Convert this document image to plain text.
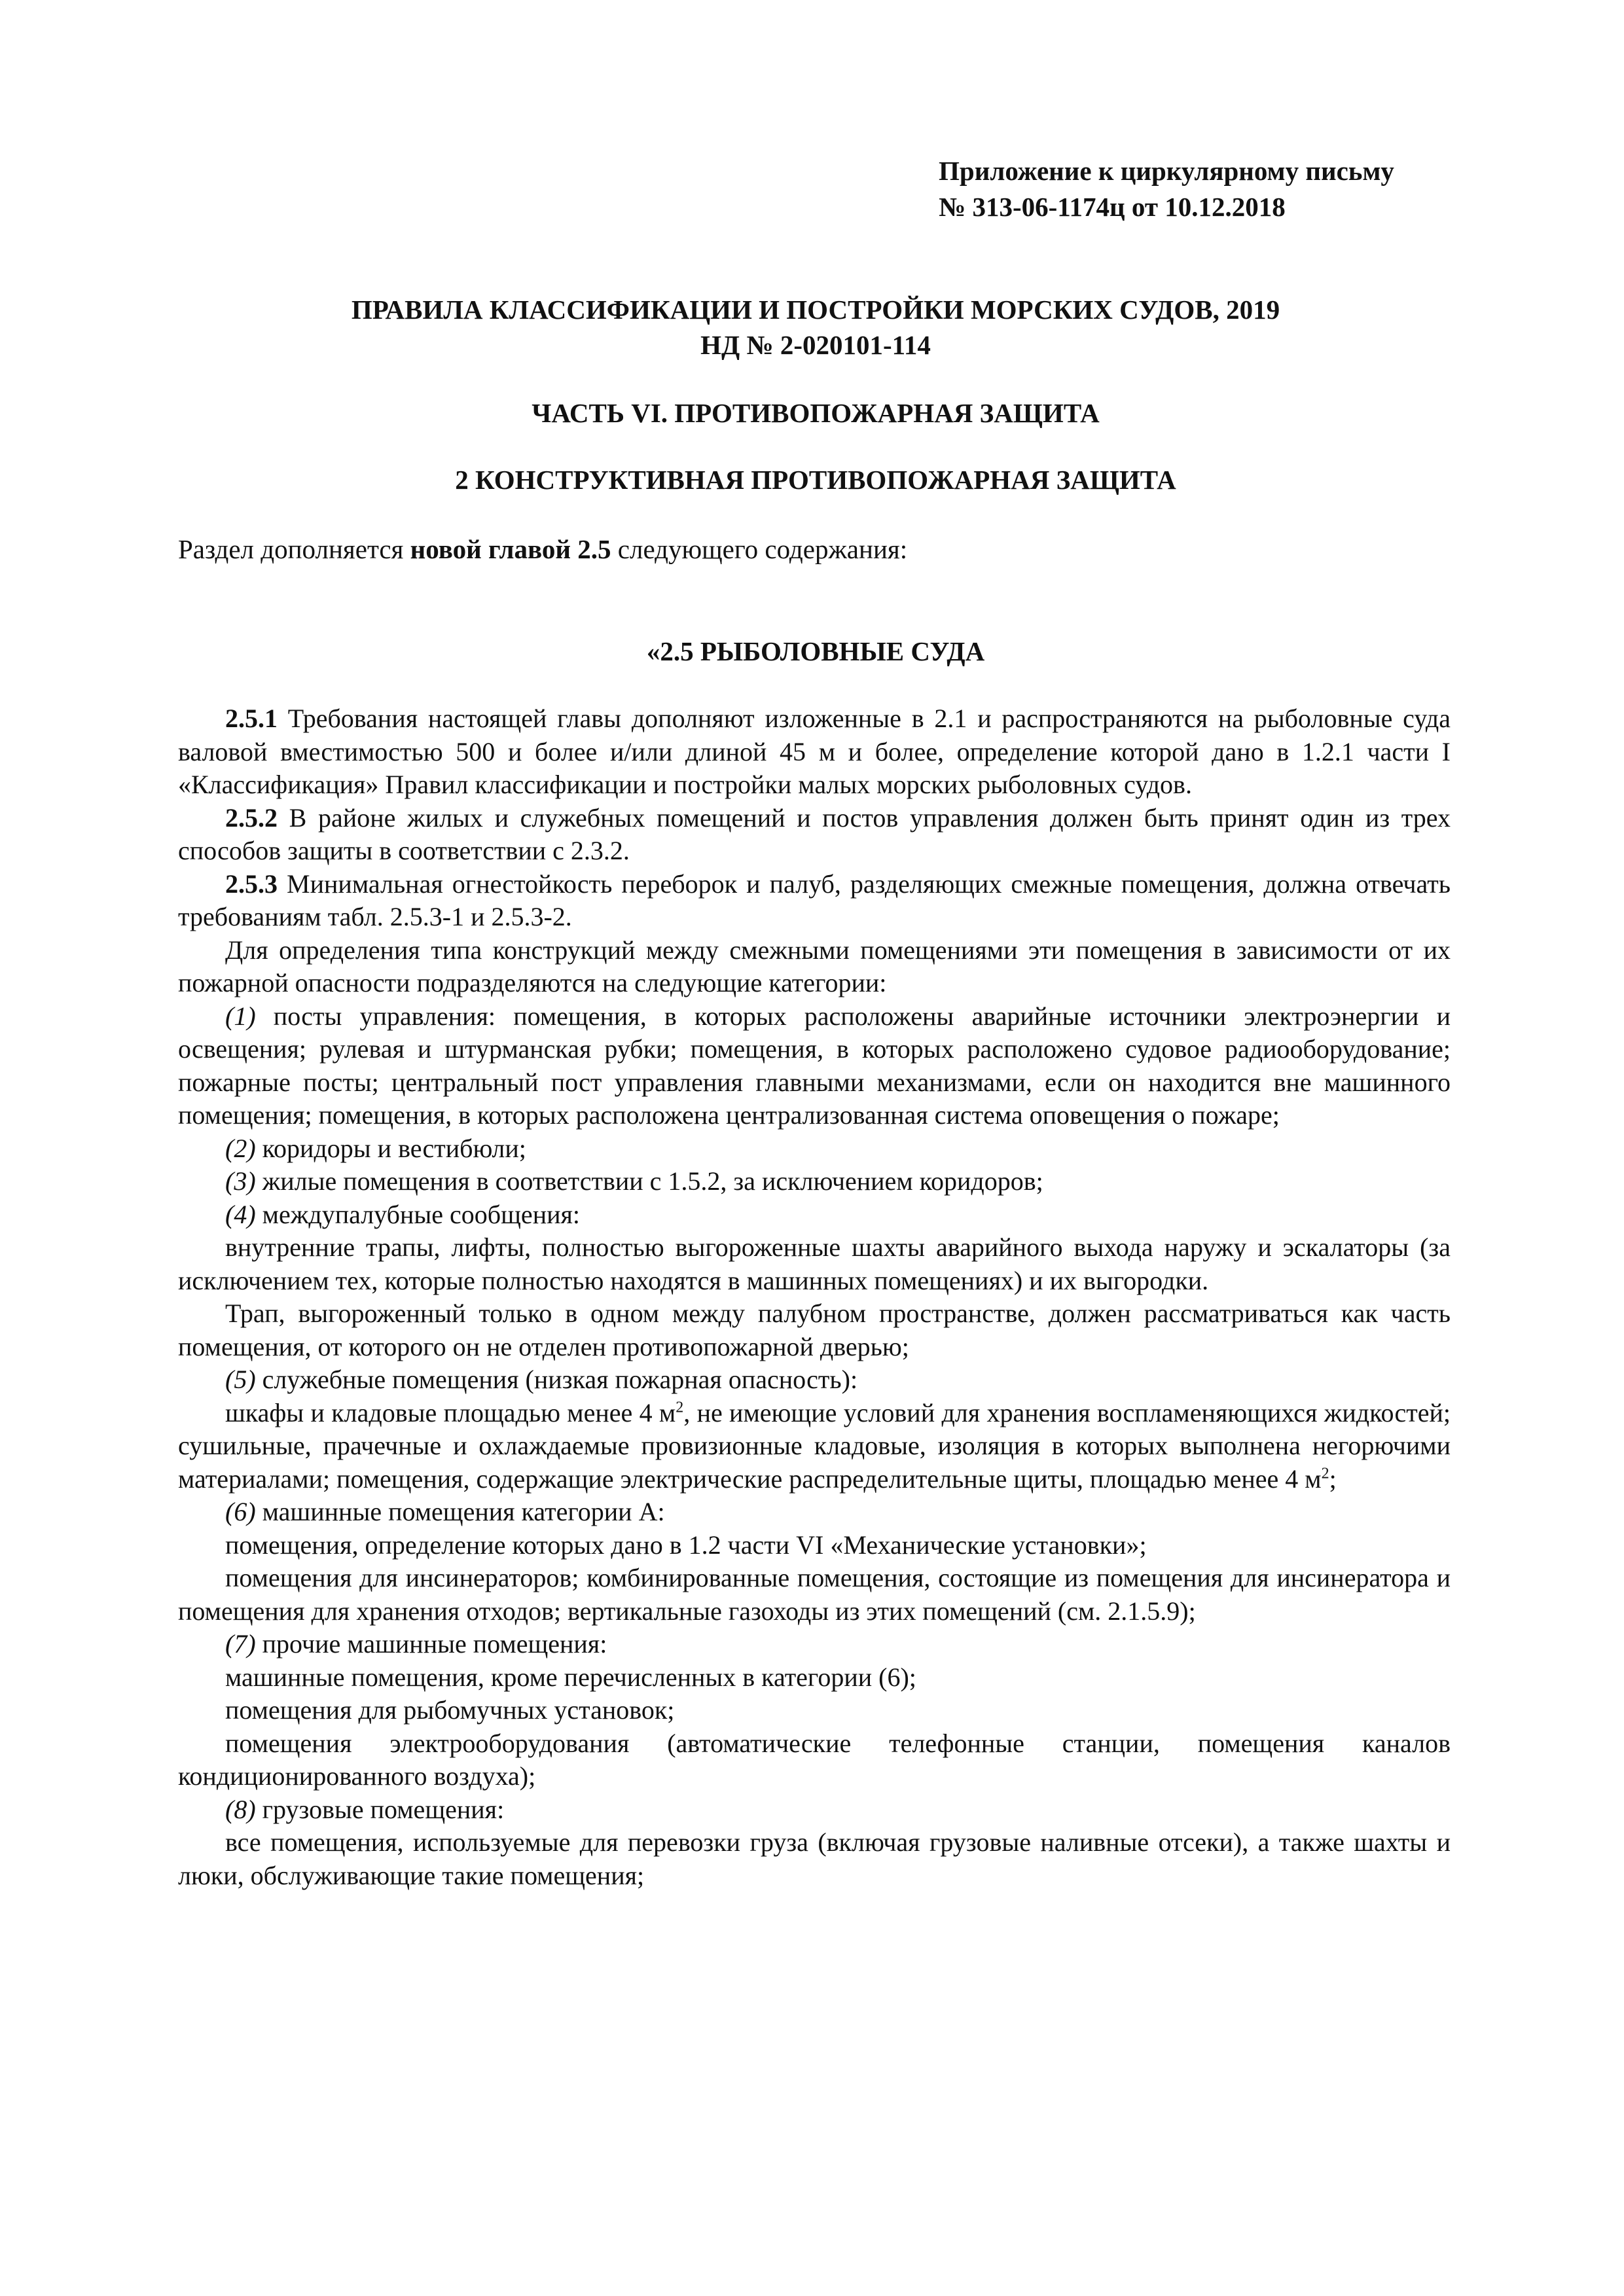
Приложение к циркулярному письму
№ 313-06-1174ц от 10.12.2018
ПРАВИЛА КЛАССИФИКАЦИИ И ПОСТРОЙКИ МОРСКИХ СУДОВ, 2019
НД № 2-020101-114
ЧАСТЬ VI. ПРОТИВОПОЖАРНАЯ ЗАЩИТА
2 КОНСТРУКТИВНАЯ ПРОТИВОПОЖАРНАЯ ЗАЩИТА
Раздел дополняется новой главой 2.5 следующего содержания:
«2.5 РЫБОЛОВНЫЕ СУДА

2.5.1 Требования настоящей главы дополняют изложенные в 2.1 и распространяются на рыболовные суда валовой вместимостью 500 и более и/или длиной 45 м и более, определение которой дано в 1.2.1 части I «Классификация» Правил классификации и постройки малых морских рыболовных судов.

2.5.2 В районе жилых и служебных помещений и постов управления должен быть принят один из трех способов защиты в соответствии с 2.3.2.

2.5.3 Минимальная огнестойкость переборок и палуб, разделяющих смежные помещения, должна отвечать требованиям табл. 2.5.3-1 и 2.5.3-2.

Для определения типа конструкций между смежными помещениями эти помещения в зависимости от их пожарной опасности подразделяются на следующие категории:

(1) посты управления: помещения, в которых расположены аварийные источники электроэнергии и освещения; рулевая и штурманская рубки; помещения, в которых расположено судовое радиооборудование; пожарные посты; центральный пост управления главными механизмами, если он находится вне машинного помещения; помещения, в которых расположена централизованная система оповещения о пожаре;

(2) коридоры и вестибюли;

(3) жилые помещения в соответствии с 1.5.2, за исключением коридоров;

(4) междупалубные сообщения:

внутренние трапы, лифты, полностью выгороженные шахты аварийного выхода наружу и эскалаторы (за исключением тех, которые полностью находятся в машинных помещениях) и их выгородки.

Трап, выгороженный только в одном между палубном пространстве, должен рассматриваться как часть помещения, от которого он не отделен противопожарной дверью;

(5) служебные помещения (низкая пожарная опасность):

шкафы и кладовые площадью менее 4 $м^2$, не имеющие условий для хранения воспламеняющихся жидкостей; сушильные, прачечные и охлаждаемые провизионные кладовые, изоляция в которых выполнена негорючими материалами; помещения, содержащие электрические распределительные щиты, площадью менее 4 $м^2$;

(6) машинные помещения категории А:

помещения, определение которых дано в 1.2 части VI «Механические установки»;

помещения для инсинераторов; комбинированные помещения, состоящие из помещения для инсинератора и помещения для хранения отходов; вертикальные газоходы из этих помещений (см. 2.1.5.9);

(7) прочие машинные помещения:

машинные помещения, кроме перечисленных в категории (6);

помещения для рыбомучных установок;

помещения электрооборудования (автоматические телефонные станции, помещения каналов кондиционированного воздуха);

(8) грузовые помещения:

все помещения, используемые для перевозки груза (включая грузовые наливные отсеки), а также шахты и люки, обслуживающие такие помещения;
